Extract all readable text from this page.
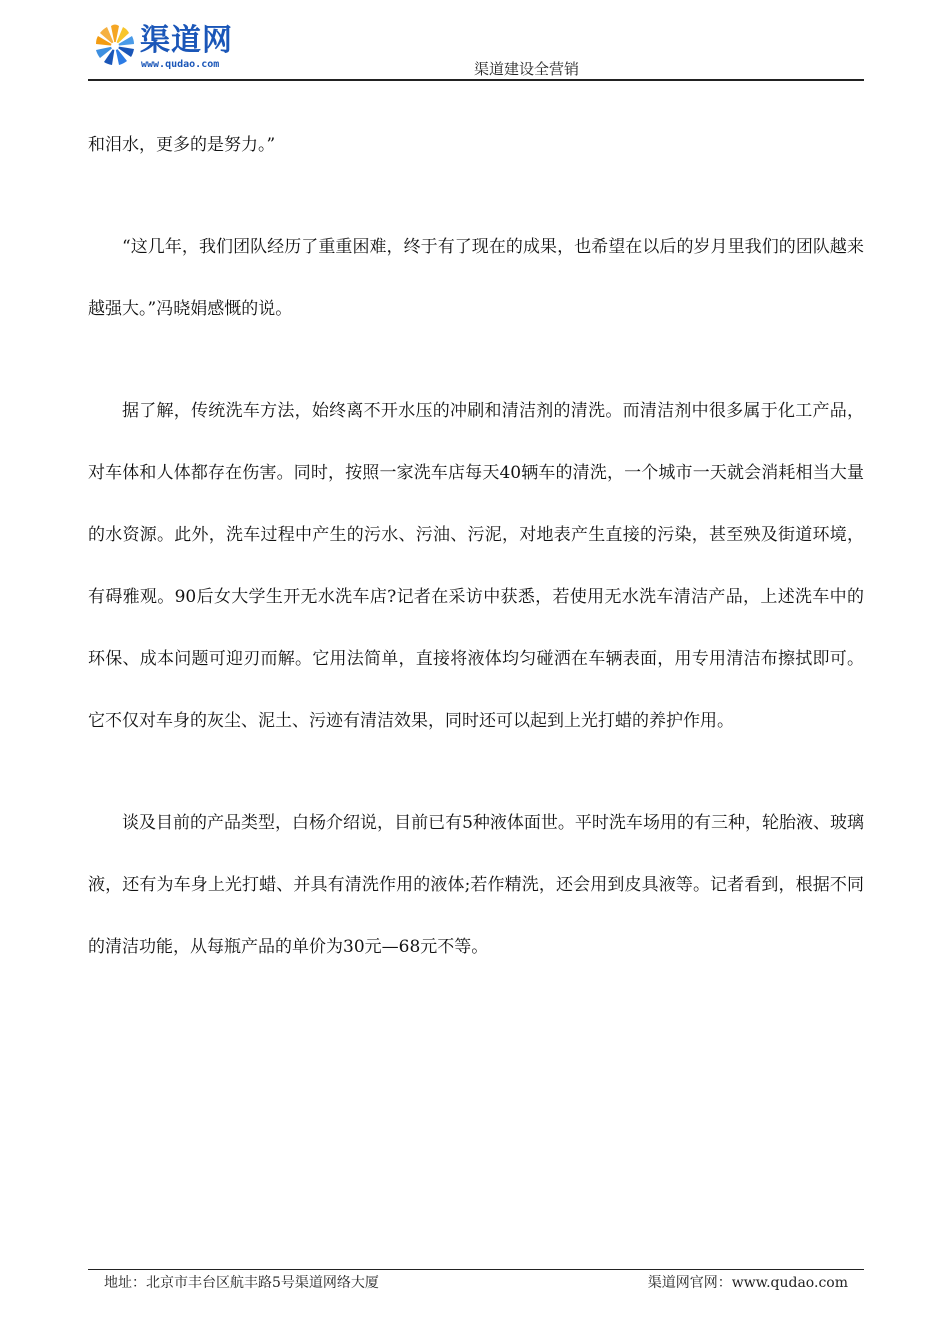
渠道网
www.qudao.com	渠道建设全营销

和泪水，更多的是努力。”

“这几年，我们团队经历了重重困难，终于有了现在的成果，也希望在以后的岁月里我们的团队越来越强大。”冯晓娟感慨的说。

据了解，传统洗车方法，始终离不开水压的冲刷和清洁剂的清洗。而清洁剂中很多属于化工产品，对车体和人体都存在伤害。同时，按照一家洗车店每天40辆车的清洗，一个城市一天就会消耗相当大量的水资源。此外，洗车过程中产生的污水、污油、污泥，对地表产生直接的污染，甚至殃及街道环境，有碍雅观。90后女大学生开无水洗车店?记者在采访中获悉，若使用无水洗车清洁产品，上述洗车中的环保、成本问题可迎刃而解。它用法简单，直接将液体均匀碰洒在车辆表面，用专用清洁布擦拭即可。它不仅对车身的灰尘、泥土、污迹有清洁效果，同时还可以起到上光打蜡的养护作用。

谈及目前的产品类型，白杨介绍说，目前已有5种液体面世。平时洗车场用的有三种，轮胎液、玻璃液，还有为车身上光打蜡、并具有清洗作用的液体;若作精洗，还会用到皮具液等。记者看到，根据不同的清洁功能，从每瓶产品的单价为30元—68元不等。

地址：北京市丰台区航丰路5号渠道网络大厦	渠道网官网：www.qudao.com
